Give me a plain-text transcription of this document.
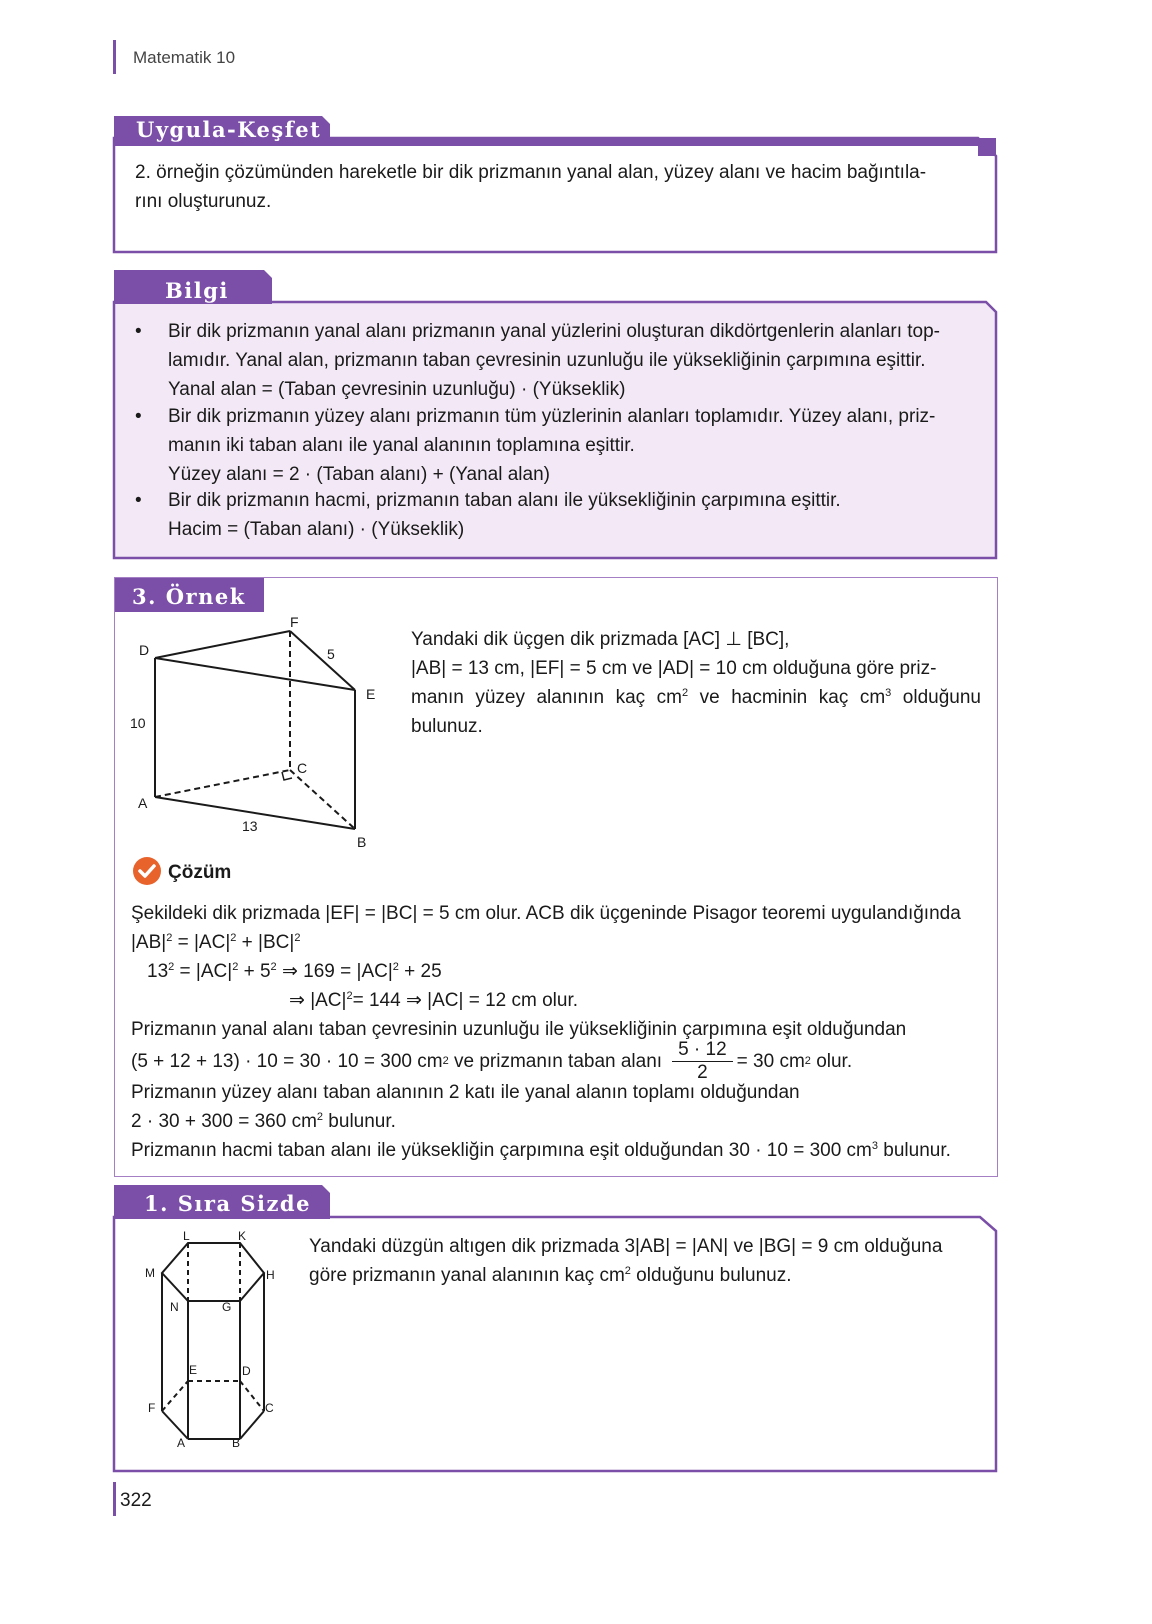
Matematik 10
Uygula-Keşfet
2. örneğin çözümünden hareketle bir dik prizmanın yanal alan, yüzey alanı ve hacim bağıntıla-
rını oluşturunuz.
Bilgi
• Bir dik prizmanın yanal alanı prizmanın yanal yüzlerini oluşturan dikdörtgenlerin alanları top-
lamıdır. Yanal alan, prizmanın taban çevresinin uzunluğu ile yüksekliğinin çarpımına eşittir.
Yanal alan = (Taban çevresinin uzunluğu) · (Yükseklik)
• Bir dik prizmanın yüzey alanı prizmanın tüm yüzlerinin alanları toplamıdır. Yüzey alanı, priz-
manın iki taban alanı ile yanal alanının toplamına eşittir.
Yüzey alanı = 2 · (Taban alanı) + (Yanal alan)
• Bir dik prizmanın hacmi, prizmanın taban alanı ile yüksekliğinin çarpımına eşittir.
Hacim = (Taban alanı) · (Yükseklik)
3. Örnek
D
F
5
E
10
C
A
13
B
Yandaki dik üçgen dik prizmada [AC] ⊥ [BC],
|AB| = 13 cm, |EF| = 5 cm ve |AD| = 10 cm olduğuna göre priz-
manın yüzey alanının kaç $cm^2$ ve hacminin kaç $cm^3$ olduğunu
bulunuz.
Çözüm
Şekildeki dik prizmada |EF| = |BC| = 5 cm olur. ACB dik üçgeninde Pisagor teoremi uygulandığında
$|AB|^2 = |AC|^2 + |BC|^2$
$13^2 = |AC|^2 + 5^2$ ⇒ $169 = |AC|^2 + 25$
⇒ $|AC|^2= 144$ ⇒ |AC| = 12 cm olur.
Prizmanın yanal alanı taban çevresinin uzunluğu ile yüksekliğinin çarpımına eşit olduğundan
(5 + 12 + 13) · 10 = 30 · 10 = 300 cm 2 ve prizmanın taban alanı $\frac{5 \cdot 12}{2} = 30$ cm 2 olur.
Prizmanın yüzey alanı taban alanının 2 katı ile yanal alanın toplamı olduğundan
2 · 30 + 300 = 360 $cm^2$ bulunur.
Prizmanın hacmi taban alanı ile yüksekliğin çarpımına eşit olduğundan 30 · 10 = 300 $cm^3$ bulunur.
1. Sıra Sizde
L	K
M	H
N	G
E	D
F	C
A	B
Yandaki düzgün altıgen dik prizmada 3|AB| = |AN| ve |BG| = 9 cm olduğuna
göre prizmanın yanal alanının kaç $cm^2$ olduğunu bulunuz.
322
